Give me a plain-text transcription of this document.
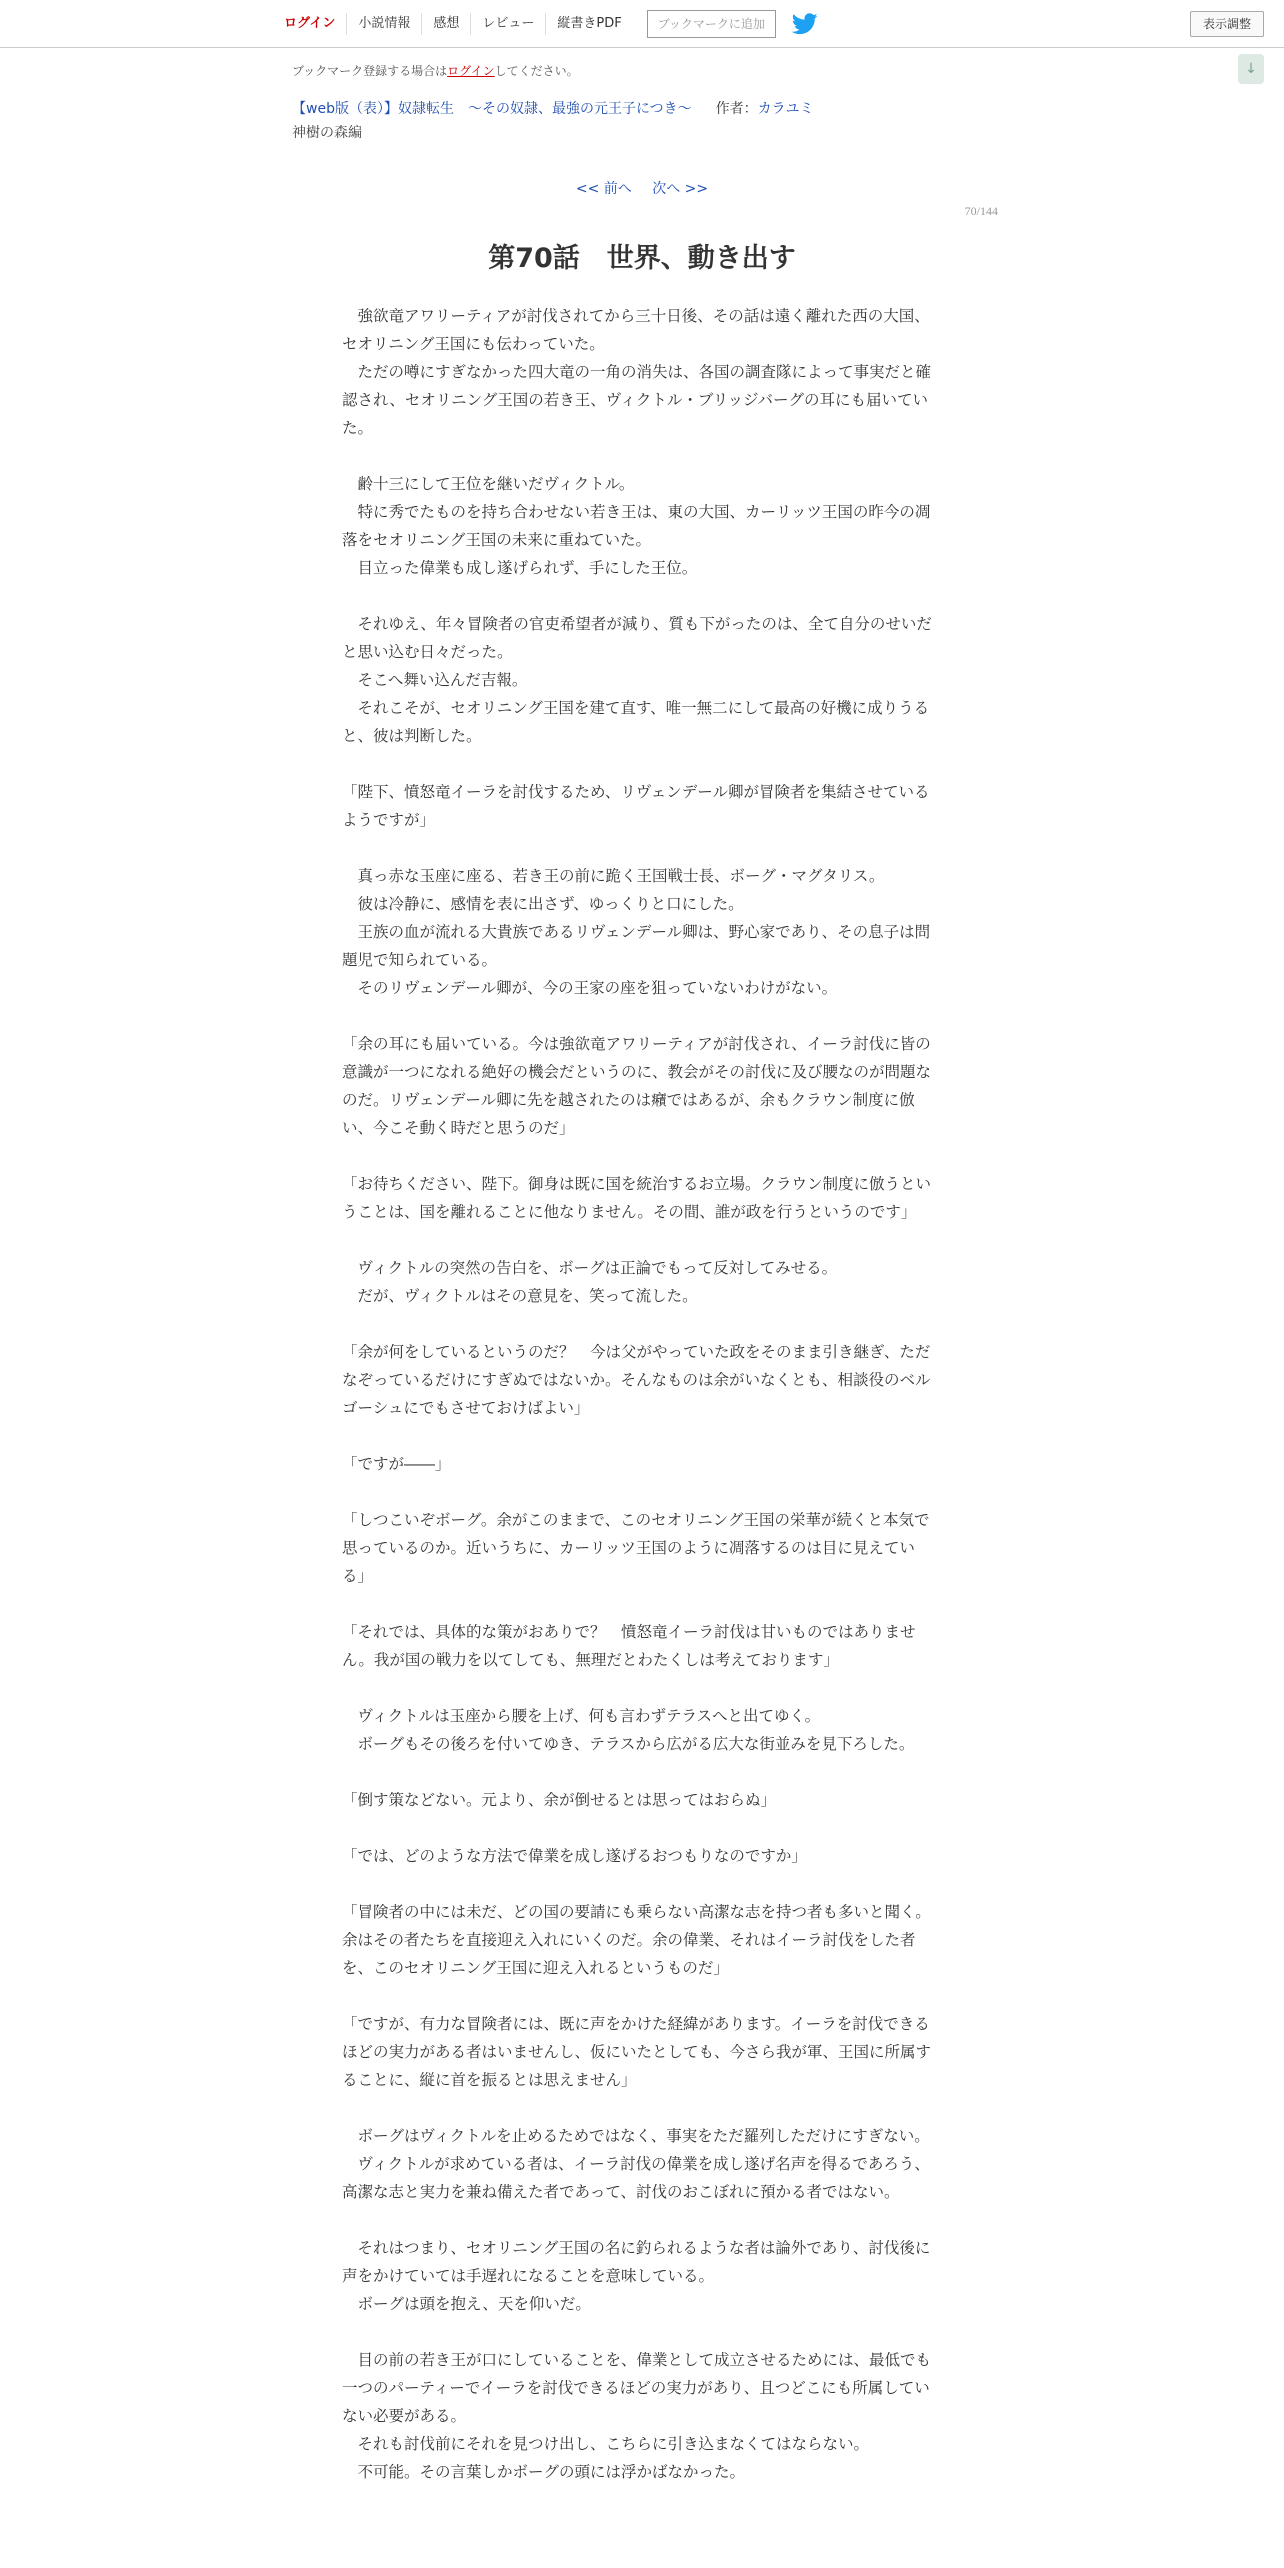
ログイン	小説情報	感想	レビュー	縦書きPDF	ブックマークに追加	表示調整
↓
ブックマーク登録する場合はログインしてください。
【web版（表）】奴隷転生　～その奴隷、最強の元王子につき～ 作者：カラユミ
神樹の森編
<< 前へ 次へ >>
70/144
第70話　世界、動き出す

　強欲竜アワリーティアが討伐されてから三十日後、その話は遠く離れた西の大国、セオリニング王国にも伝わっていた。

　ただの噂にすぎなかった四大竜の一角の消失は、各国の調査隊によって事実だと確認され、セオリニング王国の若き王、ヴィクトル・ブリッジバーグの耳にも届いていた。

　齢十三にして王位を継いだヴィクトル。

　特に秀でたものを持ち合わせない若き王は、東の大国、カーリッツ王国の昨今の凋落をセオリニング王国の未来に重ねていた。

　目立った偉業も成し遂げられず、手にした王位。

　それゆえ、年々冒険者の官吏希望者が減り、質も下がったのは、全て自分のせいだと思い込む日々だった。

　そこへ舞い込んだ吉報。

　それこそが、セオリニング王国を建て直す、唯一無二にして最高の好機に成りうると、彼は判断した。

「陛下、憤怒竜イーラを討伐するため、リヴェンデール卿が冒険者を集結させているようですが」

　真っ赤な玉座に座る、若き王の前に跪く王国戦士長、ボーグ・マグタリス。

　彼は冷静に、感情を表に出さず、ゆっくりと口にした。

　王族の血が流れる大貴族であるリヴェンデール卿は、野心家であり、その息子は問題児で知られている。

　そのリヴェンデール卿が、今の王家の座を狙っていないわけがない。

「余の耳にも届いている。今は強欲竜アワリーティアが討伐され、イーラ討伐に皆の意識が一つになれる絶好の機会だというのに、教会がその討伐に及び腰なのが問題なのだ。リヴェンデール卿に先を越されたのは癪ではあるが、余もクラウン制度に倣い、今こそ動く時だと思うのだ」

「お待ちください、陛下。御身は既に国を統治するお立場。クラウン制度に倣うということは、国を離れることに他なりません。その間、誰が政を行うというのです」

　ヴィクトルの突然の告白を、ボーグは正論でもって反対してみせる。

　だが、ヴィクトルはその意見を、笑って流した。

「余が何をしているというのだ？　今は父がやっていた政をそのまま引き継ぎ、ただなぞっているだけにすぎぬではないか。そんなものは余がいなくとも、相談役のベルゴーシュにでもさせておけばよい」

「ですが――」

「しつこいぞボーグ。余がこのままで、このセオリニング王国の栄華が続くと本気で思っているのか。近いうちに、カーリッツ王国のように凋落するのは目に見えている」

「それでは、具体的な策がおありで？　憤怒竜イーラ討伐は甘いものではありません。我が国の戦力を以てしても、無理だとわたくしは考えております」

　ヴィクトルは玉座から腰を上げ、何も言わずテラスへと出てゆく。

　ボーグもその後ろを付いてゆき、テラスから広がる広大な街並みを見下ろした。

「倒す策などない。元より、余が倒せるとは思ってはおらぬ」

「では、どのような方法で偉業を成し遂げるおつもりなのですか」

「冒険者の中には未だ、どの国の要請にも乗らない高潔な志を持つ者も多いと聞く。余はその者たちを直接迎え入れにいくのだ。余の偉業、それはイーラ討伐をした者を、このセオリニング王国に迎え入れるというものだ」

「ですが、有力な冒険者には、既に声をかけた経緯があります。イーラを討伐できるほどの実力がある者はいませんし、仮にいたとしても、今さら我が軍、王国に所属することに、縦に首を振るとは思えません」

　ボーグはヴィクトルを止めるためではなく、事実をただ羅列しただけにすぎない。

　ヴィクトルが求めている者は、イーラ討伐の偉業を成し遂げ名声を得るであろう、高潔な志と実力を兼ね備えた者であって、討伐のおこぼれに預かる者ではない。

　それはつまり、セオリニング王国の名に釣られるような者は論外であり、討伐後に声をかけていては手遅れになることを意味している。

　ボーグは頭を抱え、天を仰いだ。

　目の前の若き王が口にしていることを、偉業として成立させるためには、最低でも一つのパーティーでイーラを討伐できるほどの実力があり、且つどこにも所属していない必要がある。

　それも討伐前にそれを見つけ出し、こちらに引き込まなくてはならない。

　不可能。その言葉しかボーグの頭には浮かばなかった。
